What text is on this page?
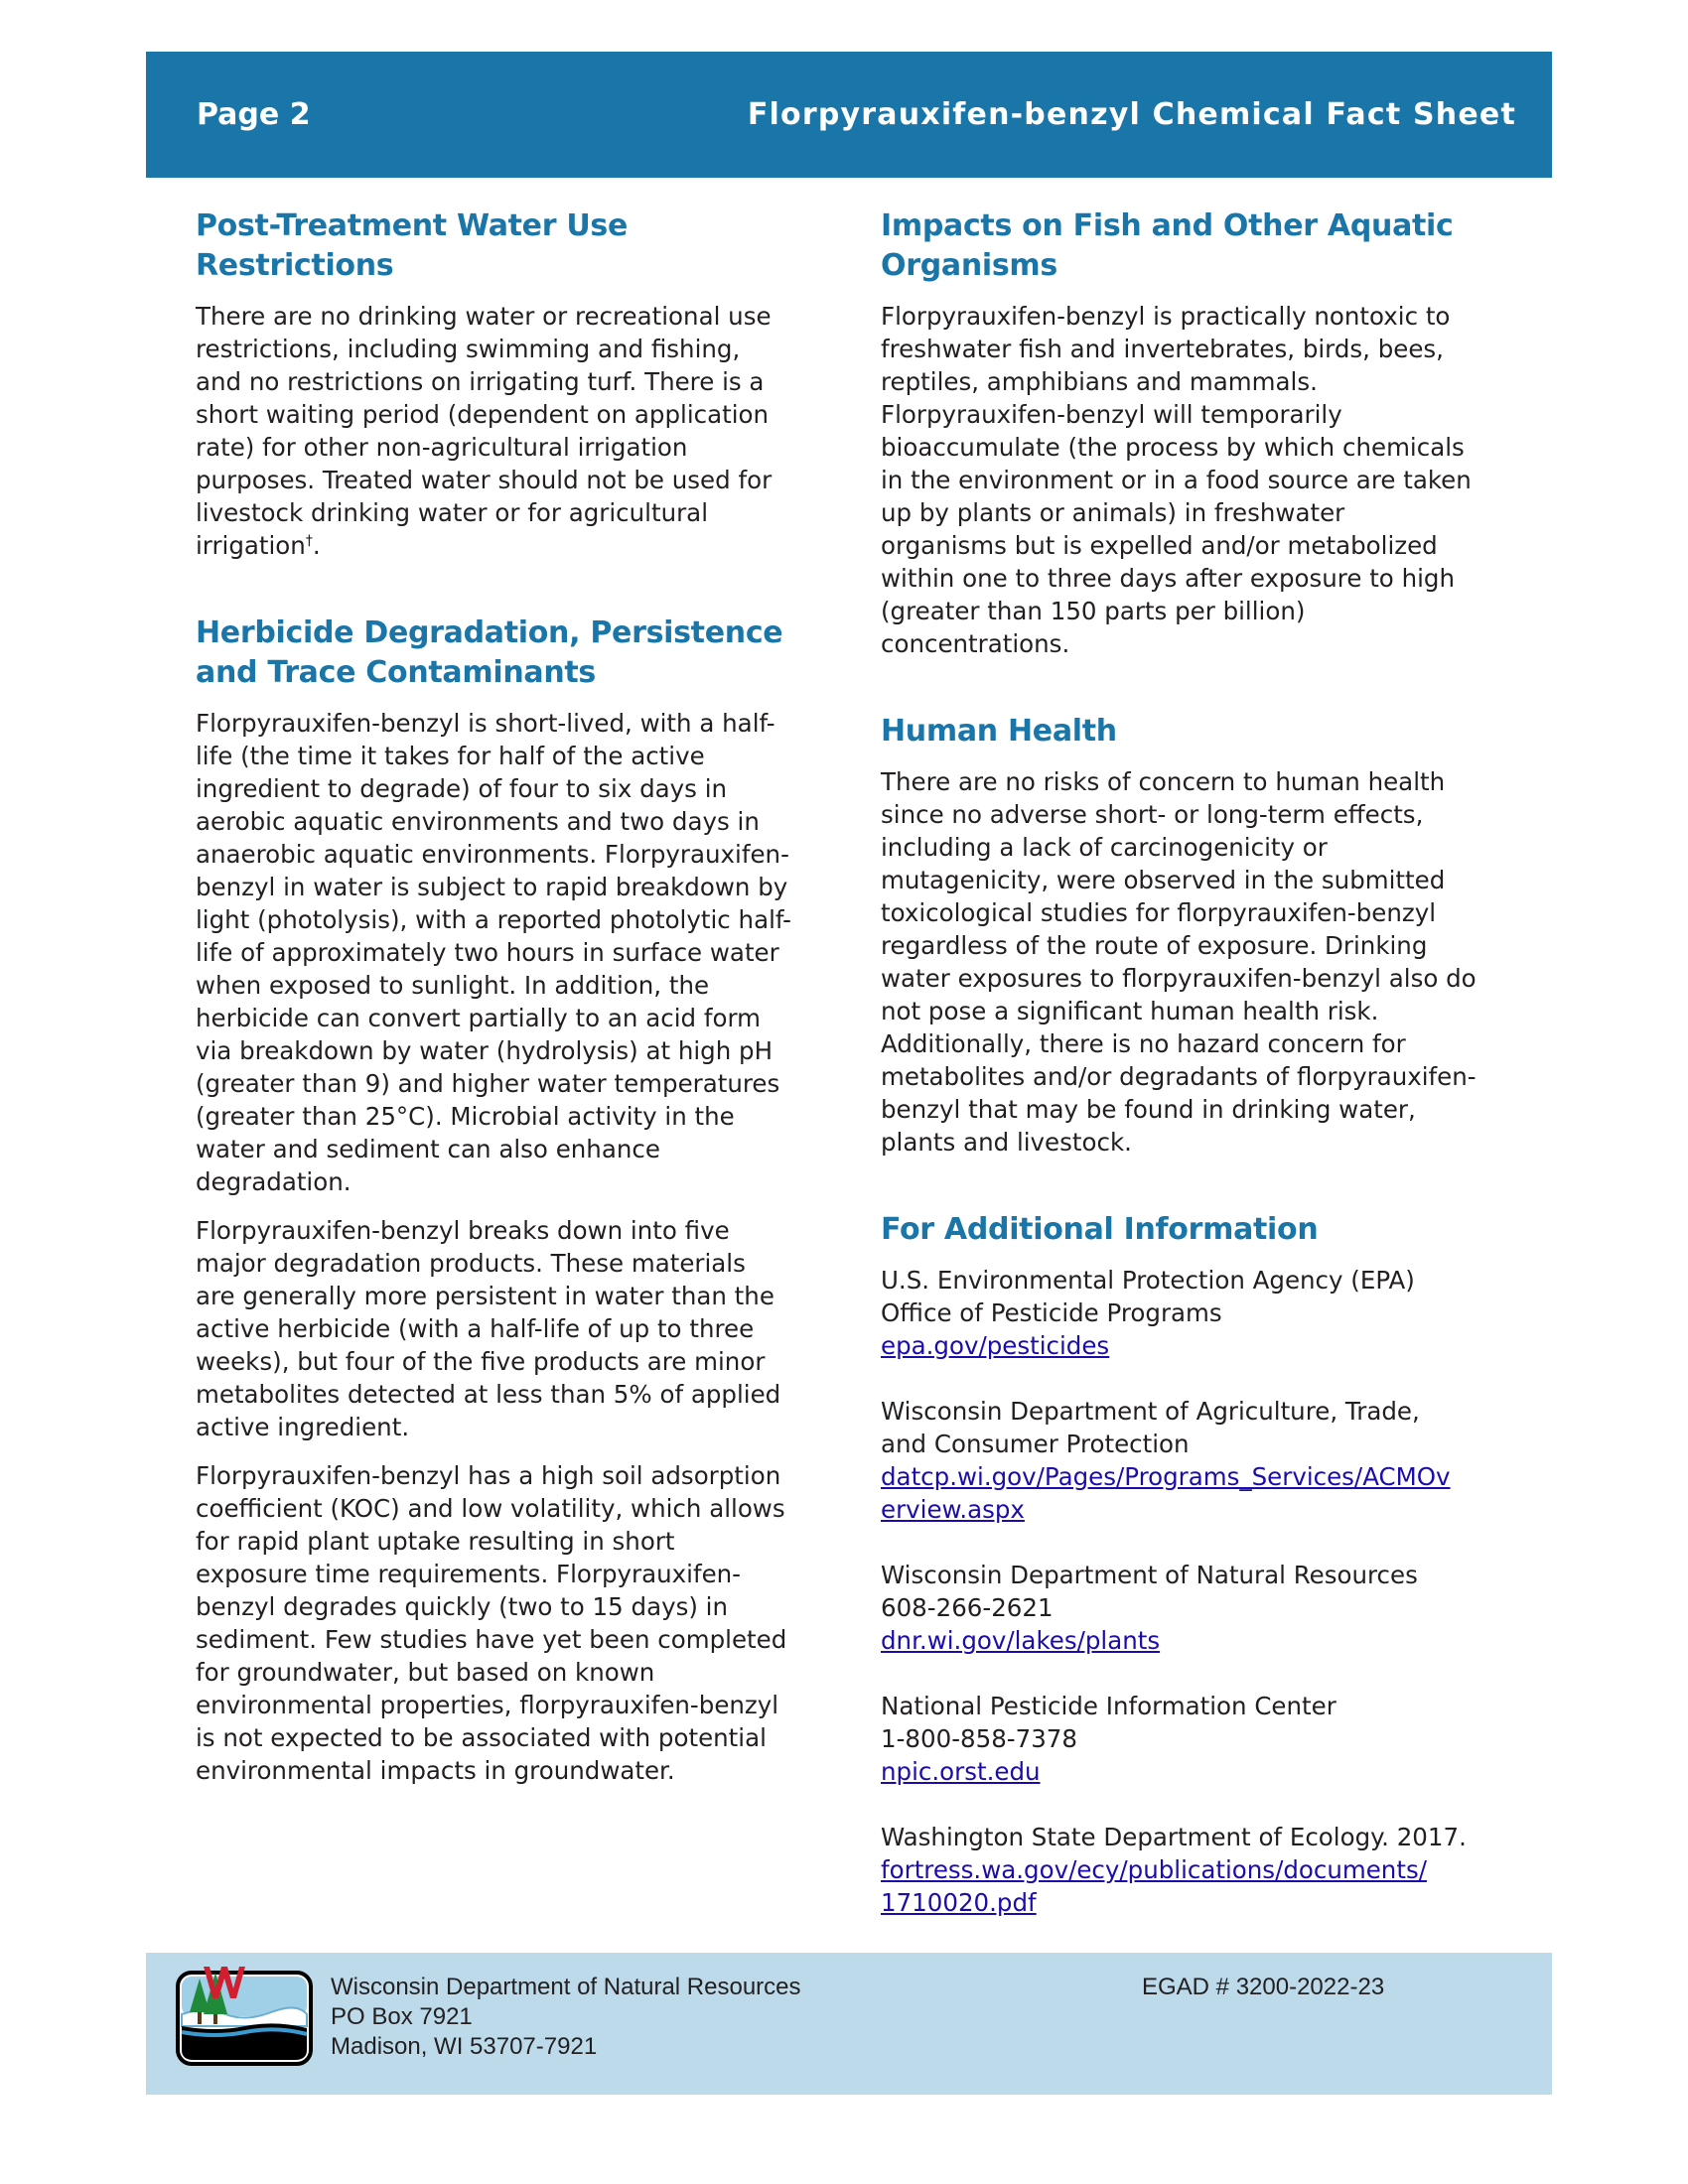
Page 2	Florpyrauxifen-benzyl Chemical Fact Sheet
Post-Treatment Water Use Restrictions

There are no drinking water or recreational use restrictions, including swimming and fishing, and no restrictions on irrigating turf. There is a short waiting period (dependent on application rate) for other non-agricultural irrigation purposes. Treated water should not be used for livestock drinking water or for agricultural irrigation†.

Herbicide Degradation, Persistence and Trace Contaminants

Florpyrauxifen-benzyl is short-lived, with a half-life (the time it takes for half of the active ingredient to degrade) of four to six days in aerobic aquatic environments and two days in anaerobic aquatic environments. Florpyrauxifen-benzyl in water is subject to rapid breakdown by light (photolysis), with a reported photolytic half-life of approximately two hours in surface water when exposed to sunlight. In addition, the herbicide can convert partially to an acid form via breakdown by water (hydrolysis) at high pH (greater than 9) and higher water temperatures (greater than 25°C). Microbial activity in the water and sediment can also enhance degradation.

Florpyrauxifen-benzyl breaks down into five major degradation products. These materials are generally more persistent in water than the active herbicide (with a half-life of up to three weeks), but four of the five products are minor metabolites detected at less than 5% of applied active ingredient.

Florpyrauxifen-benzyl has a high soil adsorption coefficient (KOC) and low volatility, which allows for rapid plant uptake resulting in short exposure time requirements. Florpyrauxifen-benzyl degrades quickly (two to 15 days) in sediment. Few studies have yet been completed for groundwater, but based on known environmental properties, florpyrauxifen-benzyl is not expected to be associated with potential environmental impacts in groundwater.

Impacts on Fish and Other Aquatic Organisms

Florpyrauxifen-benzyl is practically nontoxic to freshwater fish and invertebrates, birds, bees, reptiles, amphibians and mammals. Florpyrauxifen-benzyl will temporarily bioaccumulate (the process by which chemicals in the environment or in a food source are taken up by plants or animals) in freshwater organisms but is expelled and/or metabolized within one to three days after exposure to high (greater than 150 parts per billion) concentrations.

Human Health

There are no risks of concern to human health since no adverse short- or long-term effects, including a lack of carcinogenicity or mutagenicity, were observed in the submitted toxicological studies for florpyrauxifen-benzyl regardless of the route of exposure. Drinking water exposures to florpyrauxifen-benzyl also do not pose a significant human health risk. Additionally, there is no hazard concern for metabolites and/or degradants of florpyrauxifen-benzyl that may be found in drinking water, plants and livestock.

For Additional Information
U.S. Environmental Protection Agency (EPA)
Office of Pesticide Programs
epa.gov/pesticides
Wisconsin Department of Agriculture, Trade,
and Consumer Protection
datcp.wi.gov/Pages/Programs_Services/ACMOv
erview.aspx
Wisconsin Department of Natural Resources
608-266-2621
dnr.wi.gov/lakes/plants
National Pesticide Information Center
1-800-858-7378
npic.orst.edu
Washington State Department of Ecology. 2017.
fortress.wa.gov/ecy/publications/documents/
1710020.pdf
Wisconsin Department of Natural Resources
PO Box 7921
Madison, WI 53707-7921
EGAD # 3200-2022-23
